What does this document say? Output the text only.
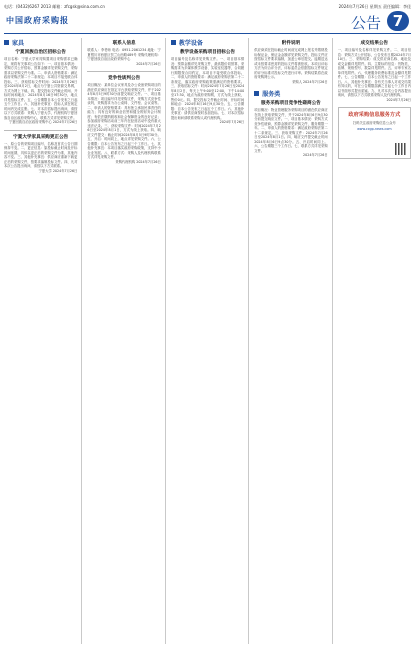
电话：(0432)6267 2013 邮箱：zfcgsk@sina.com.cn	2024年7月26日 星期五 责任编辑：李佳
中国政府采购报	公告 7
家具
宁夏回族自治区招标公告
项目名称：宁夏大学家具购置项目采购需求已确定，现将有关事项公告如下：一、项目基本情况：采购方式公开招标，预算金额详见采购文件，采购需求以采购文件为准。二、申请人资格要求：满足政府采购法第二十二条规定；本项目不接受联合体投标。三、获取招标文件时间：2024年7月26日至2024年8月2日，地点为宁夏公共资源交易网，方式为网上下载。四、提交投标文件截止时间、开标时间和地点：2024年8月16日9时30分，地点详见招标文件。五、公告期限自本公告发布之日起五个工作日。六、其他补充事宜：投标人须在规定时间内完成注册。七、对本次招标提出询问，请按以下方式联系：采购人宁夏大学，代理机构宁夏回族自治区政府采购中心，联系方式详见采购文件。
宁夏回族自治区政府采购中心 2024年7月26日
宁夏大学家具采购更正公告
一、原公告的采购项目编号、名称及首次公告日期保持不变。二、更正信息：原投标截止时间及开标时间延期，具体以更正后的采购文件为准，其他内容不变。三、其他补充事宜：供应商应重新下载更正后的采购文件，按要求编制投标文件。四、凡对本次公告提出询问，请按以下方式联系。
宁夏大学 2024年7月26日
联系人信息
联系人：李老师 电话：0951-2061234 地址：宁夏银川市西夏区贺兰山西路489号 采购代理机构：宁夏回族自治区政府采购中心
2024年7月26日
竞争性谈判公告
项目概况：某单位会议家具及办公设备采购项目的潜在供应商应在指定平台获取采购文件，并于2024年8月5日9时30分前提交响应文件。一、项目基本情况：项目编号详见采购文件，采购方式竞争性谈判，采购需求为办公桌椅、文件柜、会议桌等。二、申请人的资格要求：具有独立承担民事责任的能力；具有良好的商业信誉和健全的财务会计制度；有依法缴纳税收和社会保障资金的良好记录；参加政府采购活动前三年内在经营活动中没有重大违法记录。三、获取采购文件：时间2024年7月26日至2024年8月1日，方式为线上获取。四、响应文件提交：截止时间2024年8月5日9时30分。五、开启：时间同上，地点详见采购文件。六、公告期限：自本公告发布之日起三个工作日。七、其他补充事宜：本项目落实政府采购政策，支持中小企业发展。八、联系方式：采购人及代理机构联系方式详见采购文件。
采购代理机构 2024年7月26日
教学设备
教学设备采购项目招标公告
项目编号及名称详见采购文件。一、项目基本情况：预算金额详见采购文件，最高限价同预算，采购需求为多媒体教学设备、实验室仪器等，合同履行期限按合同约定，本项目不接受联合体投标。二、申请人的资格要求：满足政府采购法第二十二条规定，落实政府采购政策需满足的资格要求。三、获取招标文件：时间2024年7月26日至2024年8月2日，每天上午9:00至12:00，下午14:00至17:30，地点为政府采购网，方式为线上获取，售价0元。四、提交投标文件截止时间、开标时间和地点：2024年8月16日9点30分。五、公告期限：自本公告发布之日起五个工作日。六、其他补充事宜：请供应商按时参加投标。七、对本次招标提出询问请联系采购人或代理机构。
2024年7月26日
附件说明
供应商须在投标截止时间前完成网上报名并缴纳投标保证金，保证金金额详见采购文件。投标文件应按招标文件要求编制，加盖公章后提交。逾期送达或未按要求密封的投标文件将被拒收。本项目评标方法为综合评分法，评标委员会依据招标文件规定的评分标准对投标文件进行评审。采购结果将在政府采购网公示。
采购人 2024年7月26日
服务类
服务采购项目竞争性磋商公告
项目概况：物业管理服务采购项目的潜在供应商应在线上获取采购文件，并于2024年8月6日9点30分前提交响应文件。一、项目基本情况：采购方式竞争性磋商，预算金额详见采购文件，服务期限一年。二、申请人的资格要求：满足政府采购法第二十二条规定。三、获取采购文件：2024年7月26日至2024年8月1日。四、响应文件提交截止时间2024年8月6日9点30分。五、开启时间同上。六、公告期限三个工作日。七、联系方式详见采购文件。
2024年7月26日
成交结果公告
一、项目编号及名称详见采购文件。二、项目信息：采购方式公开招标，公告发布日期2024年7月10日。三、采购结果：成交供应商名称、地址及成交金额详见附件。四、主要标的信息：货物类，品牌、规格型号、数量详见附件。五、评审专家名单详见附件。六、代理服务收费标准及金额详见附件。七、公告期限：自本公告发布之日起一个工作日。八、其他补充事宜：各有关当事人对成交结果有异议的，可在公告期限届满之日起七个工作日内以书面形式提出质疑。九、凡对本次公告内容提出询问，请按以下方式联系采购人及代理机构。
2024年7月26日
政府采购信息服务方式
扫码关注政府采购信息公众号
www.ccgp-news.com
